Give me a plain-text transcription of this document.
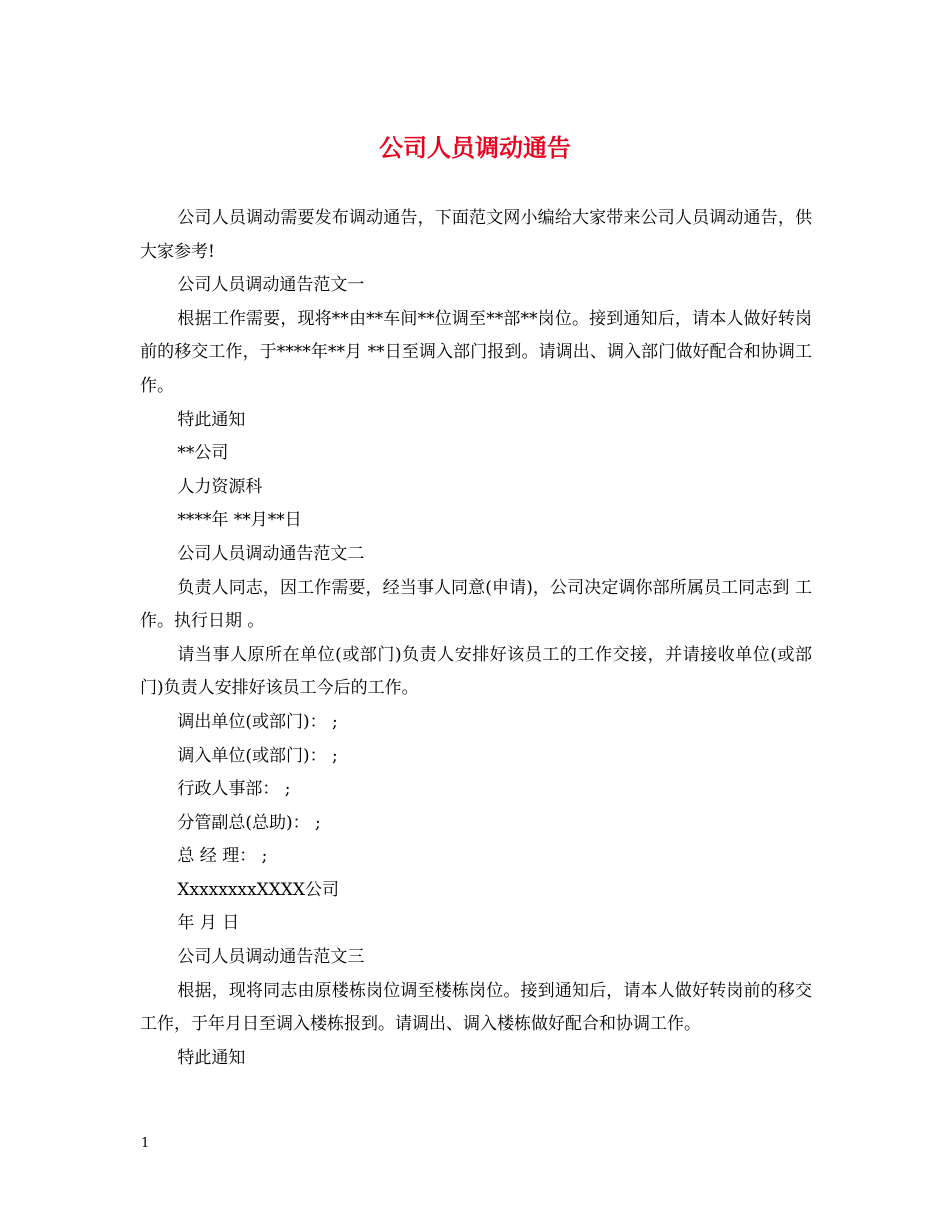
公司人员调动通告

公司人员调动需要发布调动通告，下面范文网小编给大家带来公司人员调动通告，供大家参考!

公司人员调动通告范文一

根据工作需要，现将**由**车间**位调至**部**岗位。接到通知后，请本人做好转岗前的移交工作，于****年**月 **日至调入部门报到。请调出、调入部门做好配合和协调工作。

特此通知

**公司

人力资源科

****年 **月**日

公司人员调动通告范文二

负责人同志，因工作需要，经当事人同意(申请)，公司决定调你部所属员工同志到 工作。执行日期 。

请当事人原所在单位(或部门)负责人安排好该员工的工作交接，并请接收单位(或部门)负责人安排好该员工今后的工作。

调出单位(或部门)： ;

调入单位(或部门)： ;

行政人事部： ;

分管副总(总助)： ;

总 经 理： ;

XxxxxxxxXXXX公司

年 月 日

公司人员调动通告范文三

根据，现将同志由原楼栋岗位调至楼栋岗位。接到通知后，请本人做好转岗前的移交工作，于年月日至调入楼栋报到。请调出、调入楼栋做好配合和协调工作。

特此通知

1
